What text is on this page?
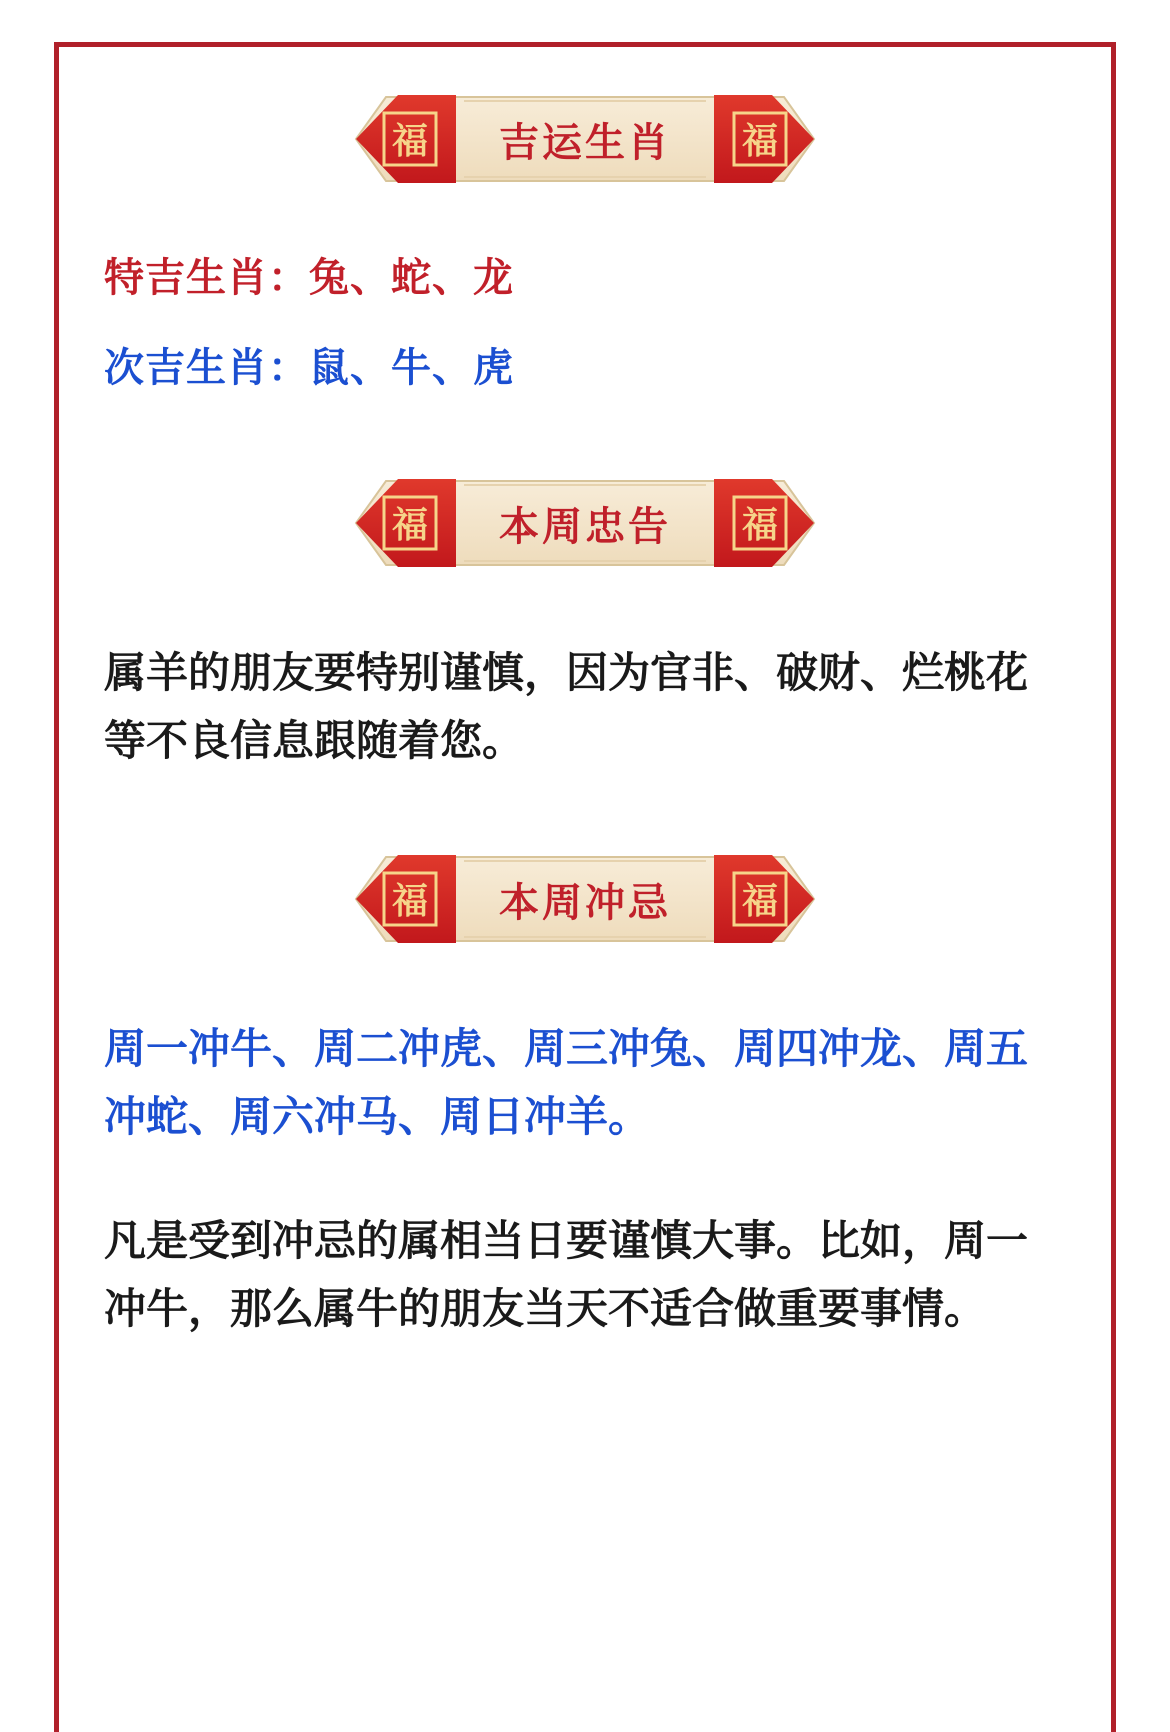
福	福
吉运生肖
特吉生肖：兔、蛇、龙
次吉生肖：鼠、牛、虎
福	福
本周忠告
属羊的朋友要特别谨慎，因为官非、破财、烂桃花等不良信息跟随着您。
福	福
本周冲忌
周一冲牛、周二冲虎、周三冲兔、周四冲龙、周五冲蛇、周六冲马、周日冲羊。
凡是受到冲忌的属相当日要谨慎大事。比如，周一冲牛，那么属牛的朋友当天不适合做重要事情。
